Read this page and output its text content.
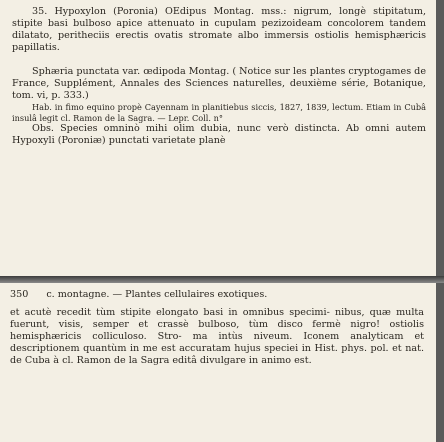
35. Hypoxylon (Poronia) OEdipus Montag. mss.: nigrum, longè stipitatum, stipite basi bulboso apice attenuato in cupulam pezizoideam concolorem tandem dilatato, peritheciis erectis ovatis stromate albo immersis ostiolis hemisphæricis papillatis.

Sphæria punctata var. œdipoda Montag. ( Notice sur les plantes cryptogames de France, Supplément, Annales des Sciences naturelles, deuxième série, Botanique, tom. vi, p. 333.)

Hab. in fimo equino propè Cayennam in planitiebus siccis, 1827, 1839, lectum. Etiam in Cubâ insulâ legit cl. Ramon de la Sagra. — Lepr. Coll. n°

Obs. Species omninò mihi olim dubia, nunc verò distincta. Ab omni autem Hypoxyli (Poroniæ) punctati varietate planè

350 c. montagne. — Plantes cellulaires exotiques.

et acutè recedit tùm stipite elongato basi in omnibus specimi- nibus, quæ multa fuerunt, visis, semper et crassè bulboso, tùm disco fermè nigro! ostiolis hemisphæricis colliculoso. Stro- ma intùs niveum. Iconem analyticam et descriptionem quantùm in me est accuratam hujus speciei in Hist. phys. pol. et nat. de Cuba à cl. Ramon de la Sagra editâ divulgare in animo est.
